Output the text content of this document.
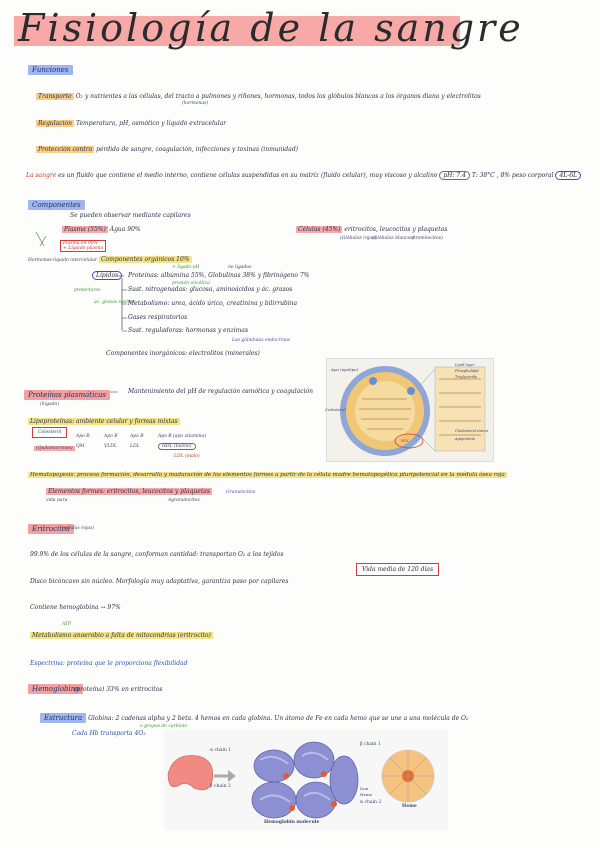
Fisiología de la sangre
Funciones
Transporte O₂ y nutrientes a las células, del tracto a pulmones y riñones, hormonas, todos los glóbulos blancos a los órganos diana y electrolitos
(hormonas)
Regulación Temperatura, pH, osmótico y líquido extracelular
Protección contra pérdida de sangre, coagulación, infecciones y toxinas (inmunidad)
La sangre es un fluido que contiene el medio interno, contiene células suspendidas en su matriz (fluido celular), muy viscoso y alcalino pH: 7.4 T: 38°C , 8% peso corporal 4L-6L
Componentes
Se pueden observar mediante capilares
Plasma (55%) Agua 90%	Células (45%) eritrocitos, leucocitos y plaquetas
(Glóbulos rojos)
(Glóbulos blancos)
(trombocitos)
Plasma en 90%
+ Líquido plasma
Hormonas-líquido intercelular Componentes orgánicos 10%
+ ligado pH	no ligados
Lípidos	Proteínas: albúmina 55%, Globulinas 38% y fibrinógeno 7%
presión oncótica
protectores
ac. grasos sueltos
Sust. nitrogenadas: glucosa, aminoácidos y ác. grasos
Metabolismo: urea, ácido úrico, creatinina y bilirrubina
Gases respiratorios
Sust. reguladoras: hormonas y enzimas
Las glándulas endocrinas
Componentes inorgánicos: electrolitos (minerales)
Proteínas plasmáticas	Mantenimiento del pH de regulación osmótica y coagulación
(hígado)
Lipoproteínas: ambiente celular y formas mixtas
Colesterol
Apo B	Apo B	Apo B	Apo B (apo vitamina)
QM	VLDL	LDL	HDL (bueno)
(Quilomicrones)
LDL (malo)
Hematopoyesis: proceso formación, desarrollo y maduración de los elementos formes a partir de la célula madre hematopoyética pluripotencial en la médula ósea roja
Elementos formes: eritrocitos, leucocitos y plaquetas	Granulocitos
Agranulocitos
vida para
Apo (apolipo)
Colesterol
Lipid layer
Phospholipid
Triglyceride
Cholesterol esters
Apoprotein
HDL
Eritrocitos
(células rojas)
99.9% de los células de la sangre, conforman cantidad: transportan O₂ a los tejidos
Vida media de 120 días
Disco bicóncavo sin núcleo. Morfología muy adaptativa, garantiza paso por capilares
Contiene hemoglobina → 97%
ATP
Metabolismo anaerobio a falta de mitocondrias (eritrocito)
Espectrina: proteína que le proporciona flexibilidad
Hemoglobina
(proteína) 33% en eritrocitos
Estructura Globina: 2 cadenas alpha y 2 beta. 4 hemos en cada globina. Un átomo de Fe en cada hemo que se une a una molécula de O₂
o grupos de carbono
Cada Hb transporta 4O₂
α chain 1
β chain 2
β chain 1
α chain 2
Iron
Heme
Heme
Hemoglobin molecule
